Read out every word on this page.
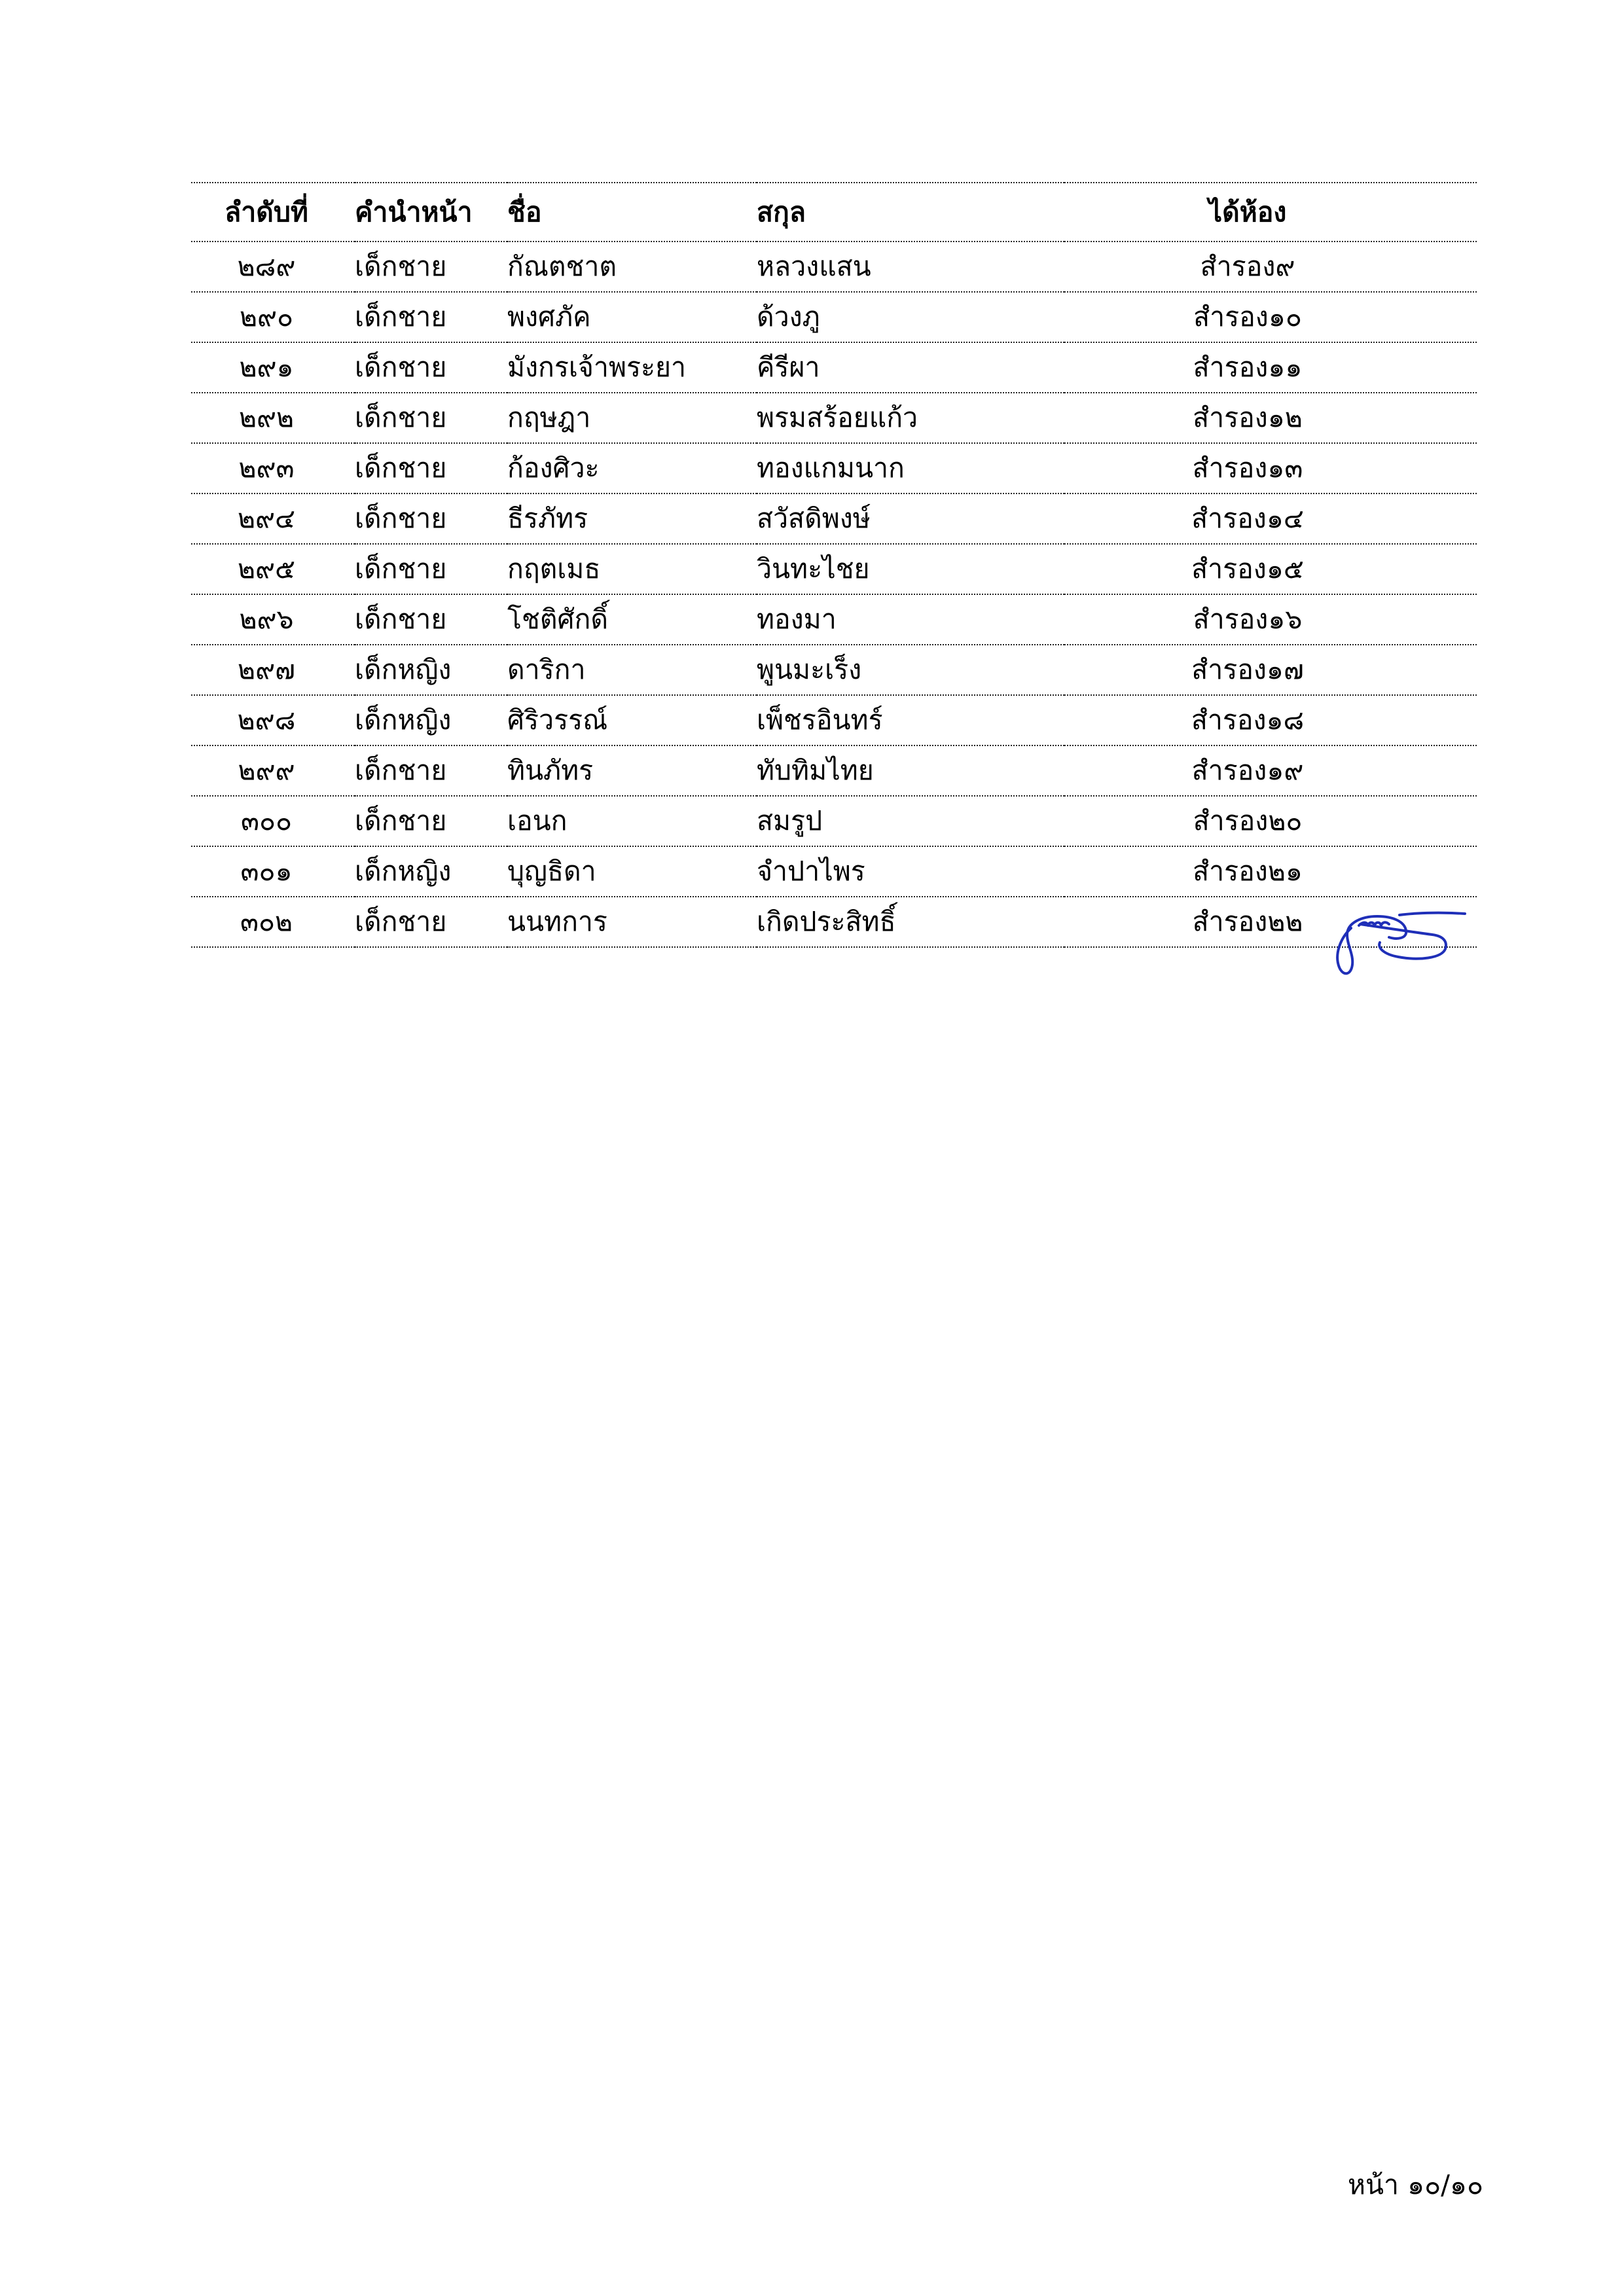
ลำดับที่	คำนำหน้า	ชื่อ	สกุล	ได้ห้อง
๒๘๙	เด็กชาย	กัณตชาต	หลวงแสน	สำรอง๙
๒๙๐	เด็กชาย	พงศภัค	ด้วงภู	สำรอง๑๐
๒๙๑	เด็กชาย	มังกรเจ้าพระยา	คีรีผา	สำรอง๑๑
๒๙๒	เด็กชาย	กฤษฎา	พรมสร้อยแก้ว	สำรอง๑๒
๒๙๓	เด็กชาย	ก้องศิวะ	ทองแกมนาก	สำรอง๑๓
๒๙๔	เด็กชาย	ธีรภัทร	สวัสดิพงษ์	สำรอง๑๔
๒๙๕	เด็กชาย	กฤตเมธ	วินทะไชย	สำรอง๑๕
๒๙๖	เด็กชาย	โชติศักดิ์	ทองมา	สำรอง๑๖
๒๙๗	เด็กหญิง	ดาริกา	พูนมะเร็ง	สำรอง๑๗
๒๙๘	เด็กหญิง	ศิริวรรณ์	เพ็ชรอินทร์	สำรอง๑๘
๒๙๙	เด็กชาย	ทินภัทร	ทับทิมไทย	สำรอง๑๙
๓๐๐	เด็กชาย	เอนก	สมรูป	สำรอง๒๐
๓๐๑	เด็กหญิง	บุญธิดา	จำปาไพร	สำรอง๒๑
๓๐๒	เด็กชาย	นนทการ	เกิดประสิทธิ์	สำรอง๒๒
หน้า ๑๐/๑๐
